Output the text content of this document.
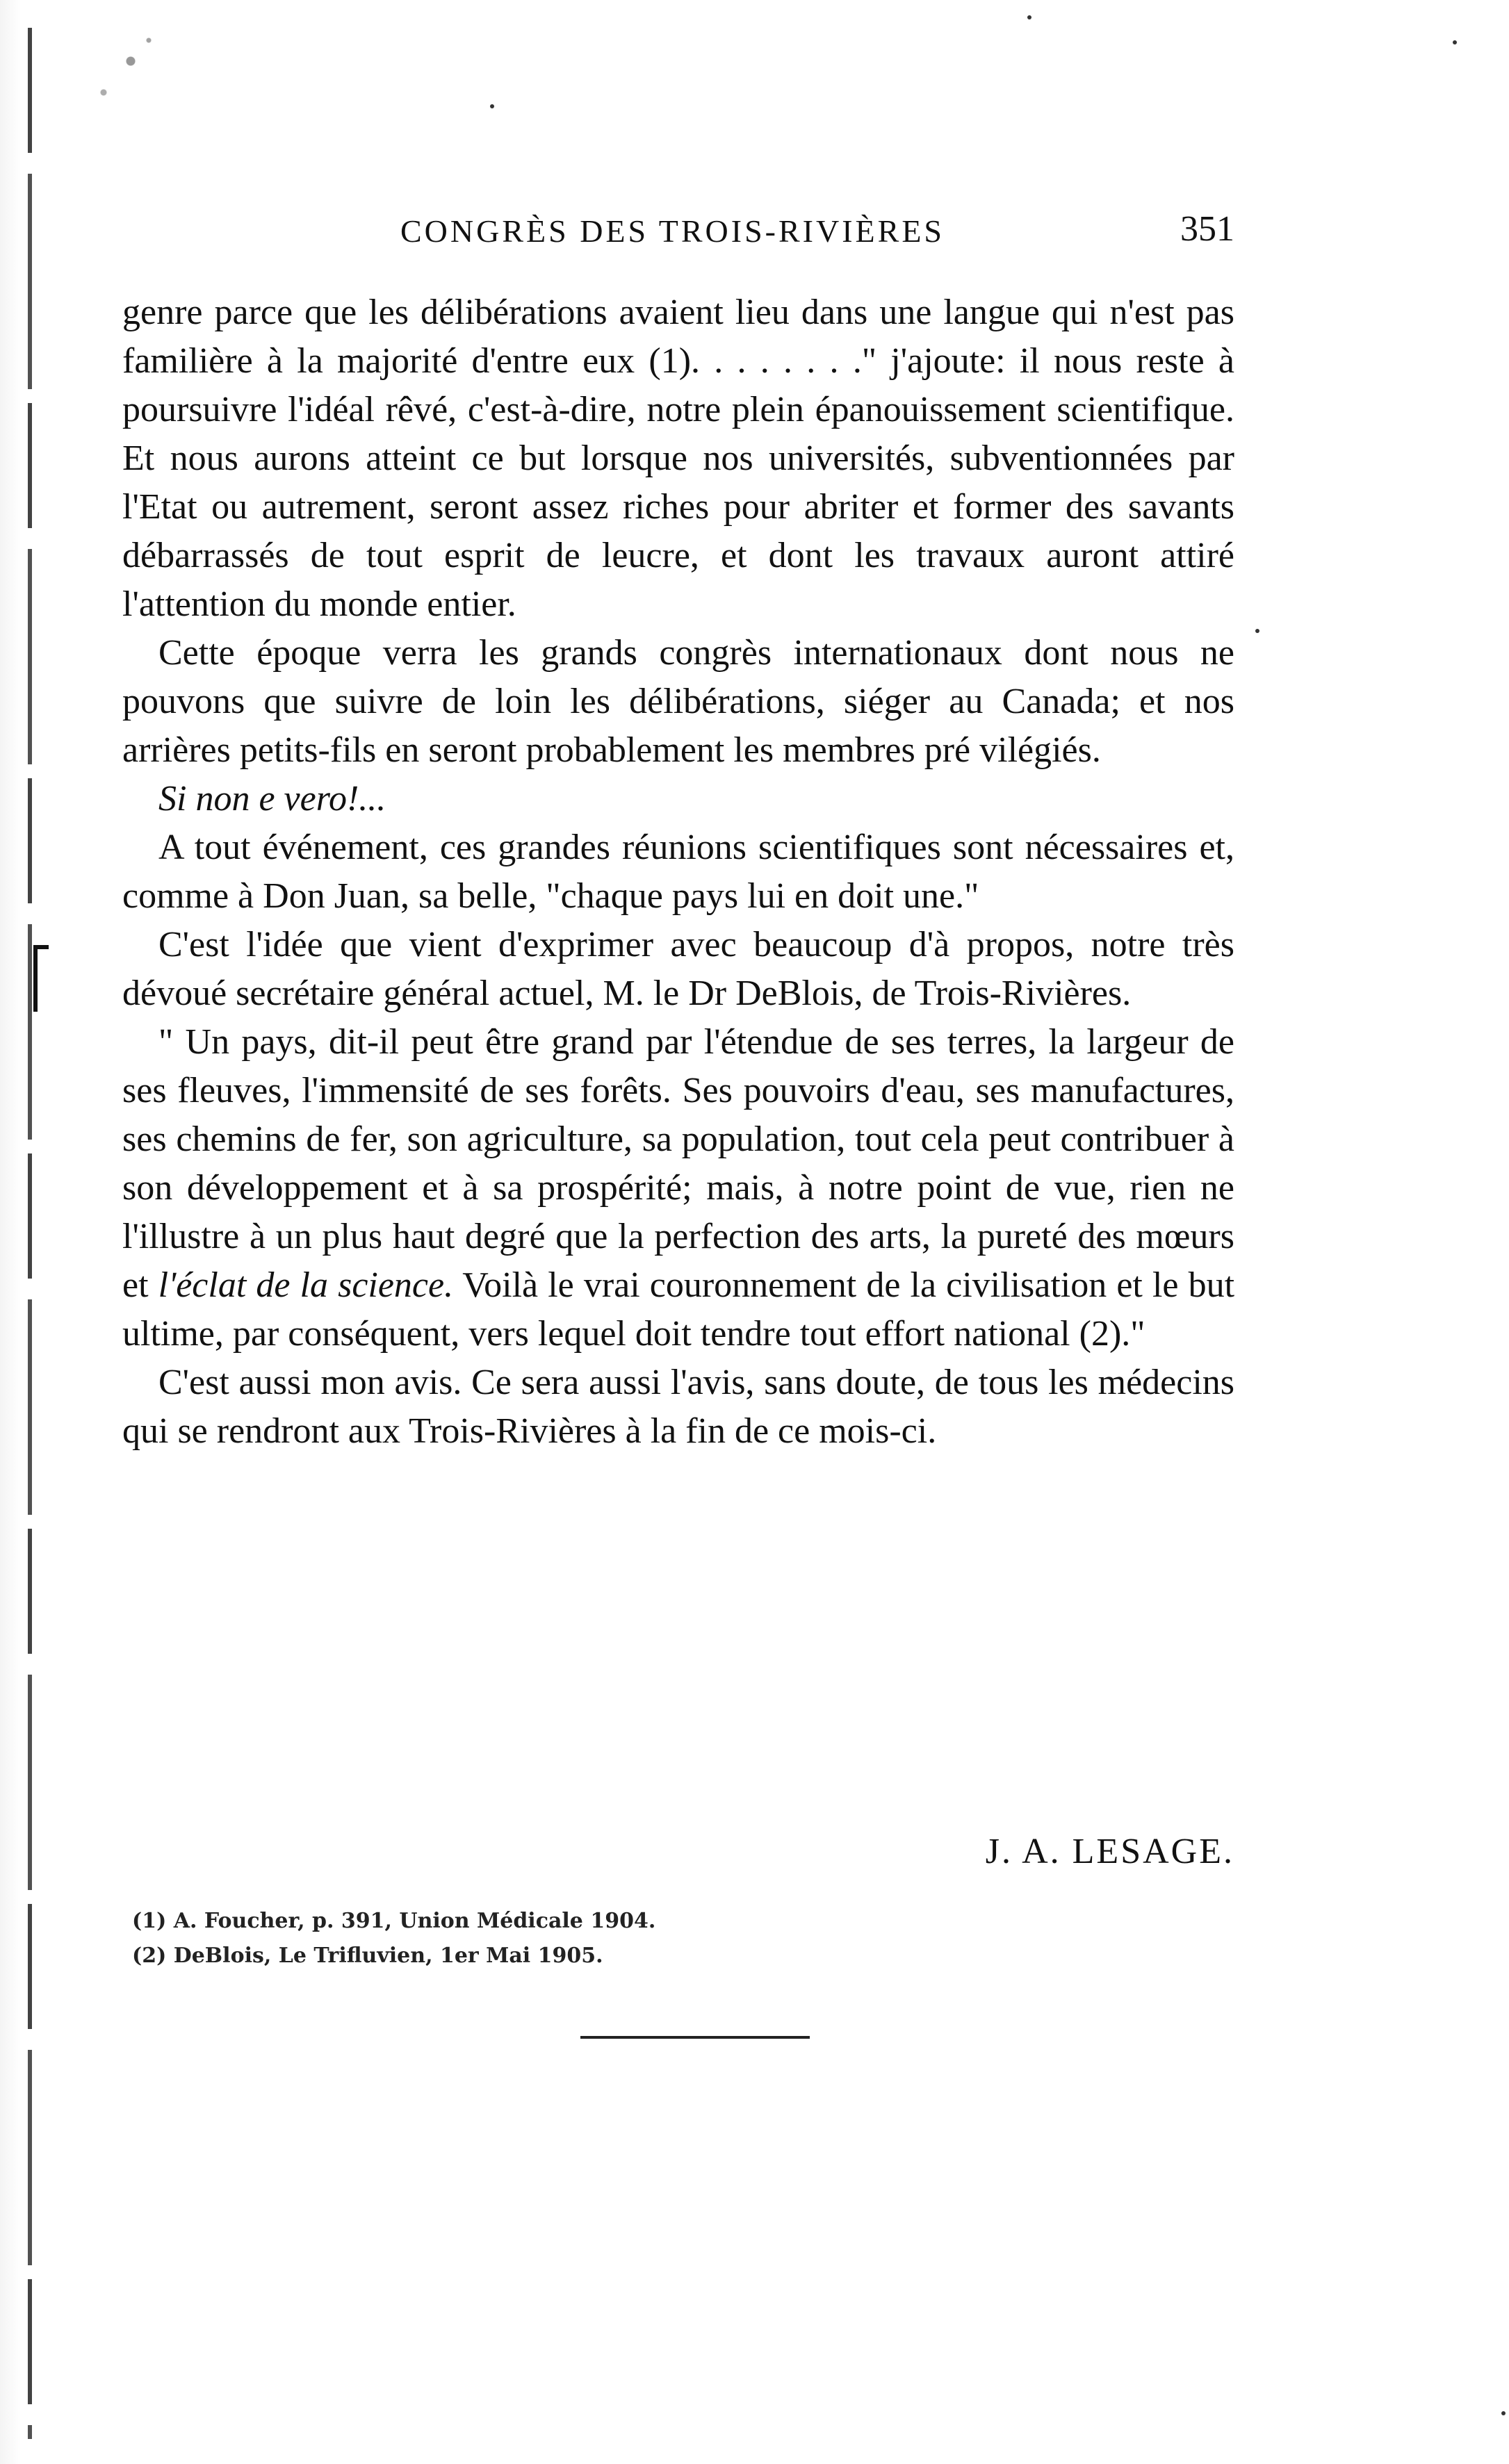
CONGRÈS DES TROIS-RIVIÈRES	351

genre parce que les délibérations avaient lieu dans une langue qui n'est pas familière à la majorité d'entre eux (1). . . . . . . ." j'ajoute: il nous reste à poursuivre l'idéal rêvé, c'est-à-dire, notre plein épanouissement scientifique. Et nous aurons atteint ce but lorsque nos universités, subventionnées par l'Etat ou autrement, seront assez riches pour abriter et former des savants débarrassés de tout esprit de leucre, et dont les travaux auront attiré l'attention du monde entier.

Cette époque verra les grands congrès internationaux dont nous ne pouvons que suivre de loin les délibérations, siéger au Canada; et nos arrières petits-fils en seront probablement les membres pré vilégiés.

Si non e vero!...

A tout événement, ces grandes réunions scientifiques sont nécessaires et, comme à Don Juan, sa belle, "chaque pays lui en doit une."

C'est l'idée que vient d'exprimer avec beaucoup d'à propos, notre très dévoué secrétaire général actuel, M. le Dr DeBlois, de Trois-Rivières.

" Un pays, dit-il peut être grand par l'étendue de ses terres, la largeur de ses fleuves, l'immensité de ses forêts. Ses pouvoirs d'eau, ses manufactures, ses chemins de fer, son agriculture, sa population, tout cela peut contribuer à son développement et à sa prospérité; mais, à notre point de vue, rien ne l'illustre à un plus haut degré que la perfection des arts, la pureté des mœurs et l'éclat de la science. Voilà le vrai couronnement de la civilisation et le but ultime, par conséquent, vers lequel doit tendre tout effort national (2)."

C'est aussi mon avis. Ce sera aussi l'avis, sans doute, de tous les médecins qui se rendront aux Trois-Rivières à la fin de ce mois-ci.

J. A. LESAGE.
(1) A. Foucher, p. 391, Union Médicale 1904.
(2) DeBlois, Le Trifluvien, 1er Mai 1905.
